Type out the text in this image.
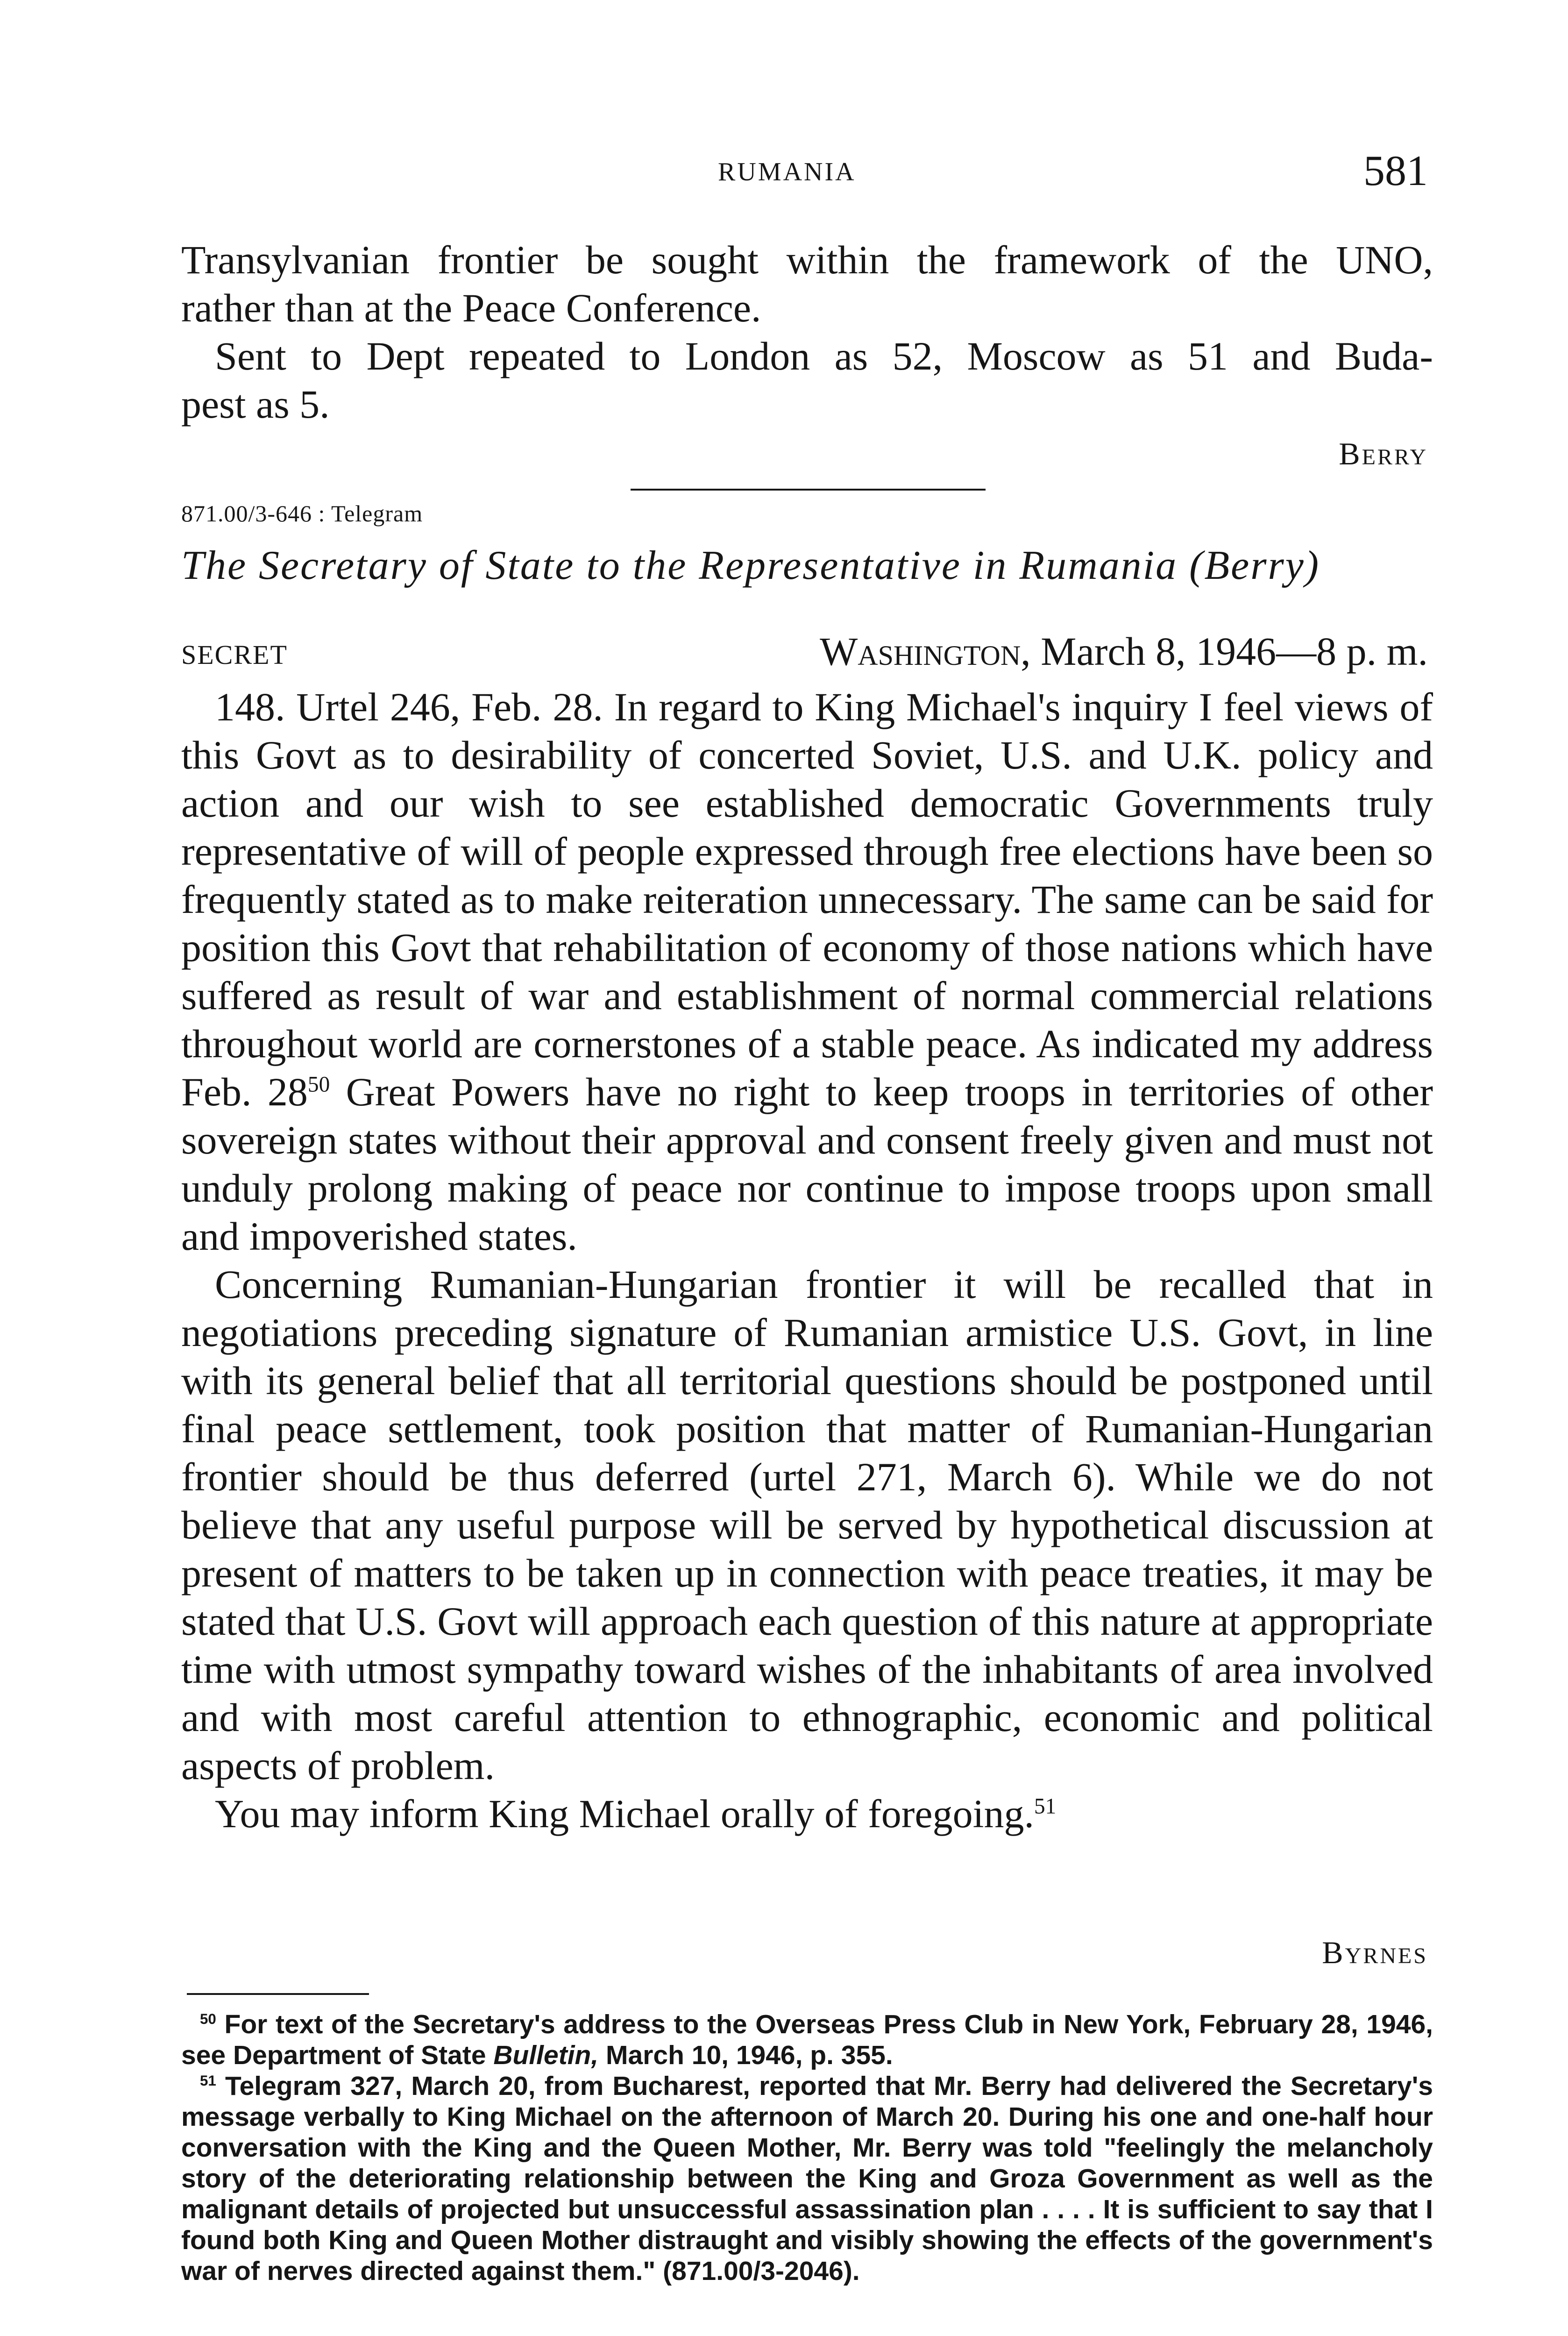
RUMANIA	581
Transylvanian frontier be sought within the framework of the UNO,
rather than at the Peace Conference.
Sent to Dept repeated to London as 52, Moscow as 51 and Buda-
pest as 5.
Berry
871.00/3-646 : Telegram
The Secretary of State to the Representative in Rumania (Berry)
SECRET	Washington, March 8, 1946—8 p. m.

148. Urtel 246, Feb. 28. In regard to King Michael's inquiry I feel views of this Govt as to desirability of concerted Soviet, U.S. and U.K. policy and action and our wish to see established democratic Governments truly representative of will of people expressed through free elections have been so frequently stated as to make reiteration unnecessary. The same can be said for position this Govt that rehabilitation of economy of those nations which have suffered as result of war and establishment of normal commercial relations throughout world are cornerstones of a stable peace. As indicated my address Feb. $28^{50}$ Great Powers have no right to keep troops in territories of other sovereign states without their approval and consent freely given and must not unduly prolong making of peace nor continue to impose troops upon small and impoverished states.

Concerning Rumanian-Hungarian frontier it will be recalled that in negotiations preceding signature of Rumanian armistice U.S. Govt, in line with its general belief that all territorial questions should be postponed until final peace settlement, took position that matter of Rumanian-Hungarian frontier should be thus deferred (urtel 271, March 6). While we do not believe that any useful purpose will be served by hypothetical discussion at present of matters to be taken up in connection with peace treaties, it may be stated that U.S. Govt will approach each question of this nature at appropriate time with utmost sympathy toward wishes of the inhabitants of area involved and with most careful attention to ethnographic, economic and political aspects of problem.

You may inform King Michael orally of foregoing.$^{51}$

Byrnes

$^{50}$ For text of the Secretary's address to the Overseas Press Club in New York, February 28, 1946, see Department of State Bulletin, March 10, 1946, p. 355.

$^{51}$ Telegram 327, March 20, from Bucharest, reported that Mr. Berry had delivered the Secretary's message verbally to King Michael on the afternoon of March 20. During his one and one-half hour conversation with the King and the Queen Mother, Mr. Berry was told "feelingly the melancholy story of the deteriorating relationship between the King and Groza Government as well as the malignant details of projected but unsuccessful assassination plan . . . . It is sufficient to say that I found both King and Queen Mother distraught and visibly showing the effects of the government's war of nerves directed against them." (871.00/3-2046).
